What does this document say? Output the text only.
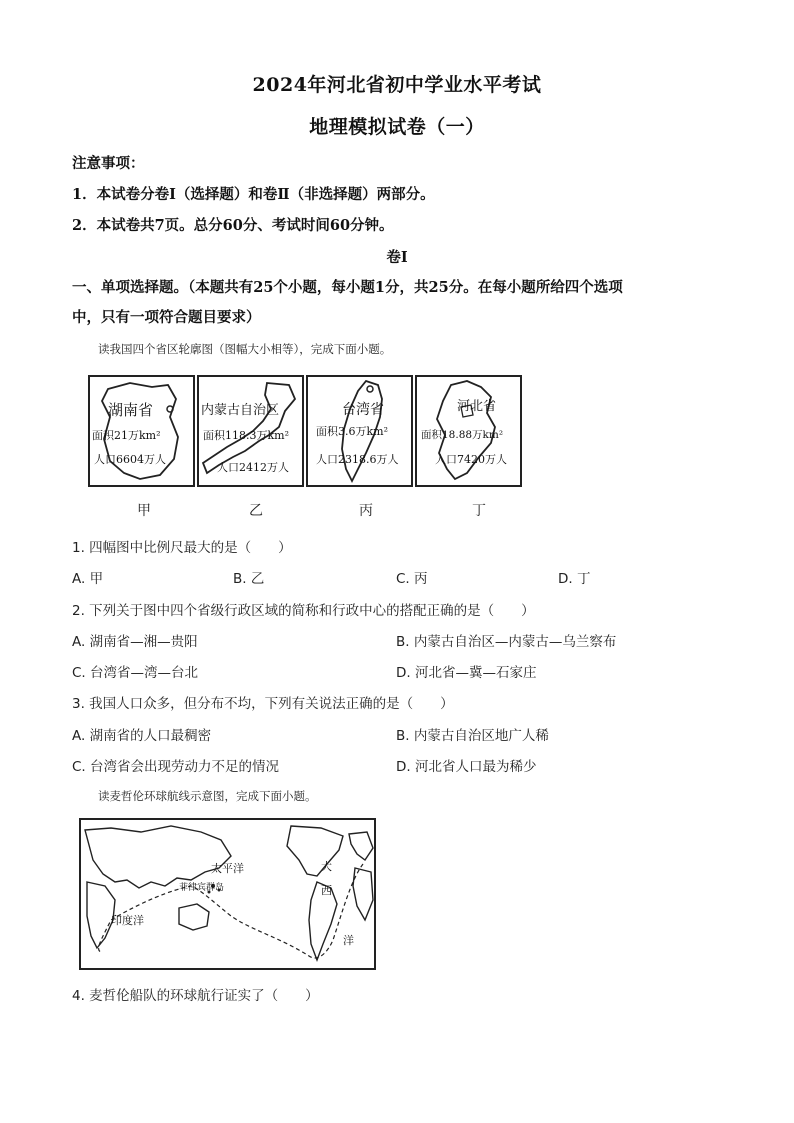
2024年河北省初中学业水平考试
地理模拟试卷（一）
注意事项：
1．本试卷分卷Ⅰ（选择题）和卷Ⅱ（非选择题）两部分。
2．本试卷共7页。总分60分、考试时间60分钟。
卷Ⅰ
一、单项选择题。（本题共有25个小题，每小题1分，共25分。在每小题所给四个选项
中，只有一项符合题目要求）
读我国四个省区轮廓图（图幅大小相等），完成下面小题。
湖南省
面积21万km²
人口6604万人
内蒙古自治区
面积118.3万km²
人口2412万人
台湾省
面积3.6万km²
人口2318.6万人
河北省
面积18.88万km²
人口7420万人
甲	乙	丙	丁
1. 四幅图中比例尺最大的是（　　）
A. 甲	B. 乙	C. 丙	D. 丁
2. 下列关于图中四个省级行政区域的简称和行政中心的搭配正确的是（　　）
A. 湖南省—湘—贵阳	B. 内蒙古自治区—内蒙古—乌兰察布
C. 台湾省—湾—台北	D. 河北省—冀—石家庄
3. 我国人口众多，但分布不均，下列有关说法正确的是（　　）
A. 湖南省的人口最稠密	B. 内蒙古自治区地广人稀
C. 台湾省会出现劳动力不足的情况	D. 河北省人口最为稀少
读麦哲伦环球航线示意图，完成下面小题。
太平洋
菲律宾群岛
印度洋
大
西
洋
4. 麦哲伦船队的环球航行证实了（　　）
